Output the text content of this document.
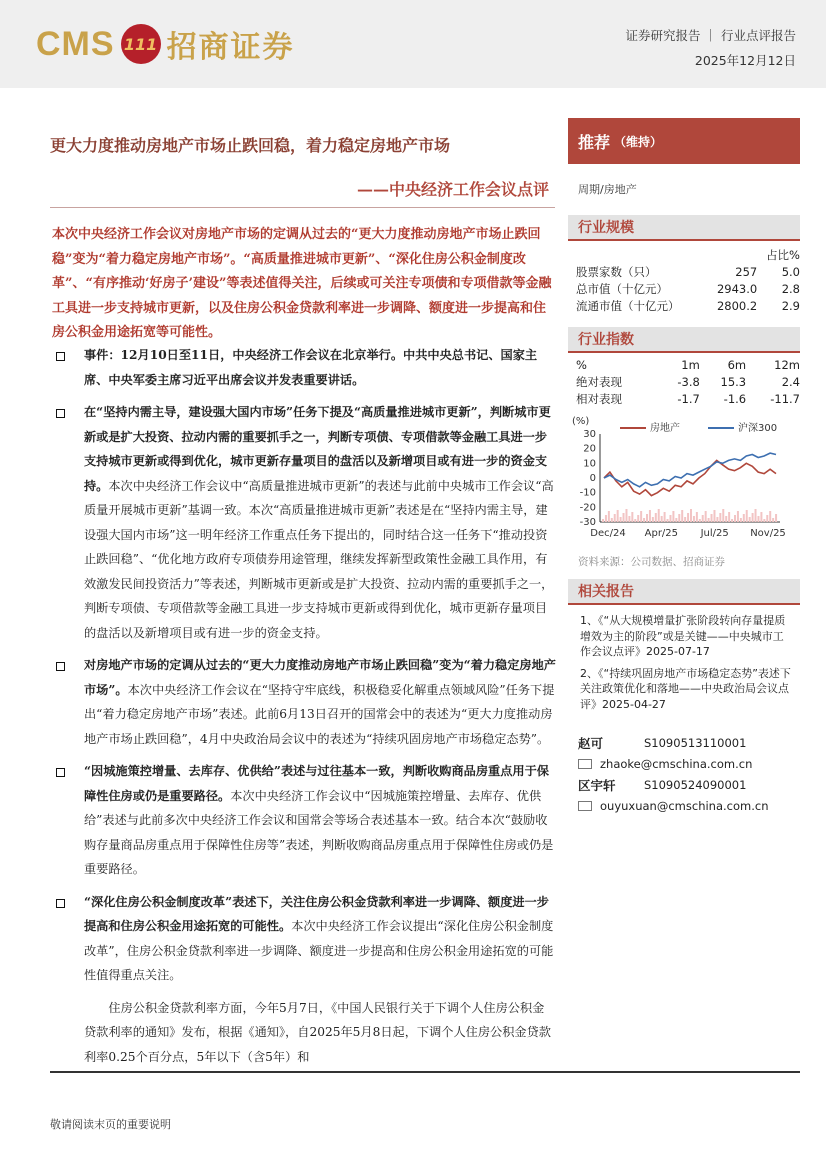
CMS 111 招商证券	证券研究报告 ｜ 行业点评报告
2025年12月12日
更大力度推动房地产市场止跌回稳，着力稳定房地产市场
——中央经济工作会议点评
本次中央经济工作会议对房地产市场的定调从过去的“更大力度推动房地产市场止跌回稳”变为“着力稳定房地产市场”。“高质量推进城市更新”、“深化住房公积金制度改革”、“有序推动‘好房子’建设”等表述值得关注，后续或可关注专项债和专项借款等金融工具进一步支持城市更新，以及住房公积金贷款利率进一步调降、额度进一步提高和住房公积金用途拓宽等可能性。
事件：12月10日至11日，中央经济工作会议在北京举行。中共中央总书记、国家主席、中央军委主席习近平出席会议并发表重要讲话。
在“坚持内需主导，建设强大国内市场”任务下提及“高质量推进城市更新”，判断城市更新或是扩大投资、拉动内需的重要抓手之一，判断专项债、专项借款等金融工具进一步支持城市更新或得到优化，城市更新存量项目的盘活以及新增项目或有进一步的资金支持。本次中央经济工作会议中“高质量推进城市更新”的表述与此前中央城市工作会议“高质量开展城市更新”基调一致。本次“高质量推进城市更新”表述是在“坚持内需主导，建设强大国内市场”这一明年经济工作重点任务下提出的，同时结合这一任务下“推动投资止跌回稳”、“优化地方政府专项债券用途管理，继续发挥新型政策性金融工具作用，有效激发民间投资活力”等表述，判断城市更新或是扩大投资、拉动内需的重要抓手之一，判断专项债、专项借款等金融工具进一步支持城市更新或得到优化，城市更新存量项目的盘活以及新增项目或有进一步的资金支持。
对房地产市场的定调从过去的“更大力度推动房地产市场止跌回稳”变为“着力稳定房地产市场”。本次中央经济工作会议在“坚持守牢底线，积极稳妥化解重点领域风险”任务下提出“着力稳定房地产市场”表述。此前6月13日召开的国常会中的表述为“更大力度推动房地产市场止跌回稳”，4月中央政治局会议中的表述为“持续巩固房地产市场稳定态势”。
“因城施策控增量、去库存、优供给”表述与过往基本一致，判断收购商品房重点用于保障性住房或仍是重要路径。本次中央经济工作会议中“因城施策控增量、去库存、优供给”表述与此前多次中央经济工作会议和国常会等场合表述基本一致。结合本次“鼓励收购存量商品房重点用于保障性住房等”表述，判断收购商品房重点用于保障性住房或仍是重要路径。
“深化住房公积金制度改革”表述下，关注住房公积金贷款利率进一步调降、额度进一步提高和住房公积金用途拓宽的可能性。本次中央经济工作会议提出“深化住房公积金制度改革”，住房公积金贷款利率进一步调降、额度进一步提高和住房公积金用途拓宽的可能性值得重点关注。
住房公积金贷款利率方面，今年5月7日，《中国人民银行关于下调个人住房公积金贷款利率的通知》发布，根据《通知》，自2025年5月8日起，下调个人住房公积金贷款利率0.25个百分点，5年以下（含5年）和
推荐 （维持）
周期/房地产
行业规模
		占比%
股票家数（只）	257	5.0
总市值（十亿元）	2943.0	2.8
流通市值（十亿元）	2800.2	2.9
行业指数
%	1m	6m	12m
绝对表现	-3.8	15.3	2.4
相对表现	-1.7	-1.6	-11.7
(%)
30
20
10
0
-10
-20
-30
房地产	沪深300
Dec/24 Apr/25 Jul/25 Nov/25
资料来源：公司数据、招商证券
相关报告
1、《“从大规模增量扩张阶段转向存量提质增效为主的阶段”或是关键——中央城市工作会议点评》2025-07-17
2、《“持续巩固房地产市场稳定态势”表述下关注政策优化和落地——中央政治局会议点评》2025-04-27
赵可	S1090513110001
zhaoke@cmschina.com.cn
区宇轩	S1090524090001
ouyuxuan@cmschina.com.cn
敬请阅读末页的重要说明
